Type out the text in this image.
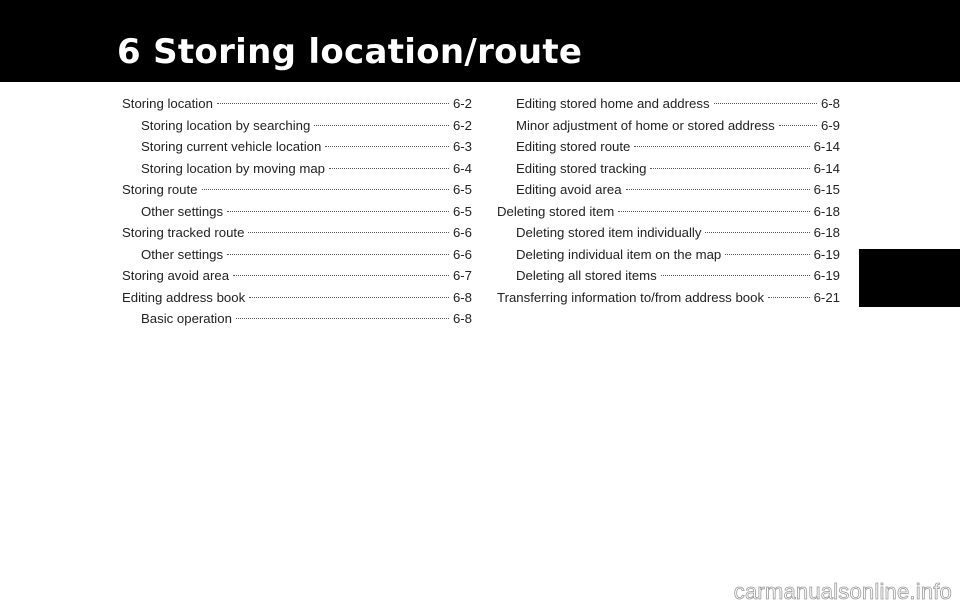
6 Storing location/route
Storing location	6-2
Storing location by searching	6-2
Storing current vehicle location	6-3
Storing location by moving map	6-4
Storing route	6-5
Other settings	6-5
Storing tracked route	6-6
Other settings	6-6
Storing avoid area	6-7
Editing address book	6-8
Basic operation	6-8
Editing stored home and address	6-8
Minor adjustment of home or stored address	6-9
Editing stored route	6-14
Editing stored tracking	6-14
Editing avoid area	6-15
Deleting stored item	6-18
Deleting stored item individually	6-18
Deleting individual item on the map	6-19
Deleting all stored items	6-19
Transferring information to/from address book	6-21
carmanualsonline.info
